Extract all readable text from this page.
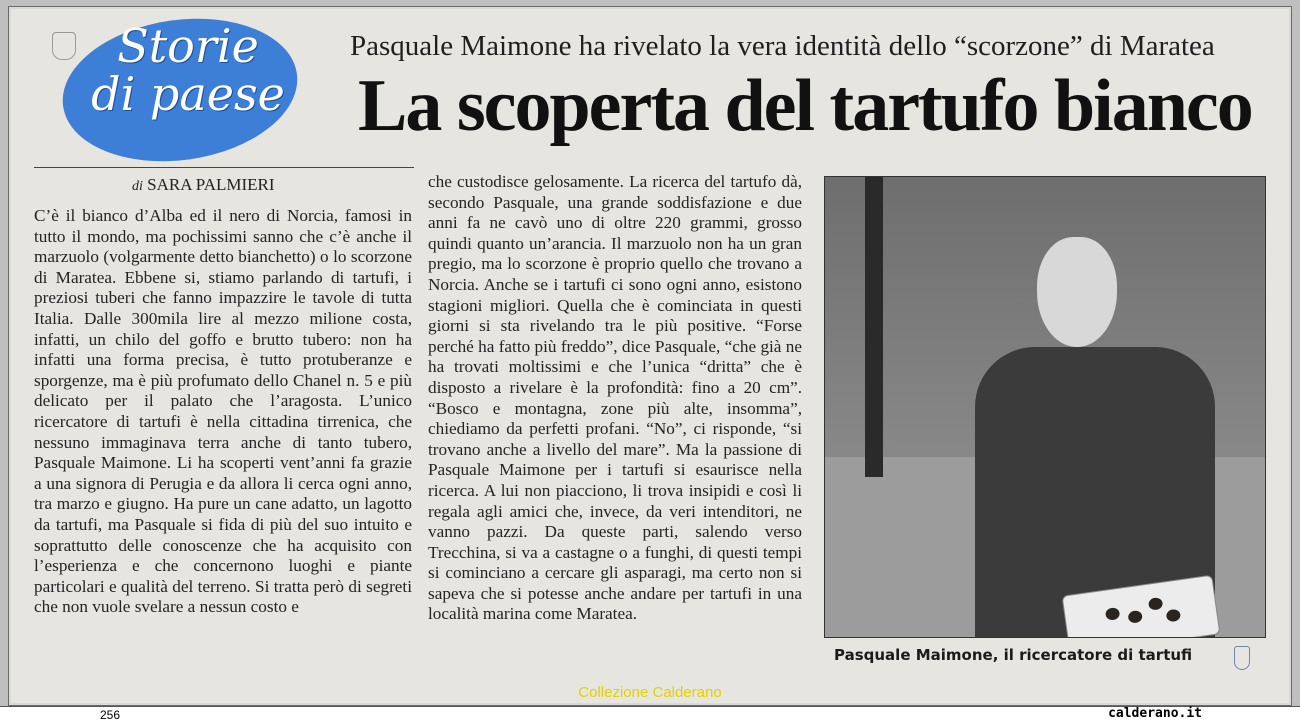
Storie
di paese
Pasquale Maimone ha rivelato la vera identità dello “scorzone” di Maratea
La scoperta del tartufo bianco
di SARA PALMIERI

C’è il bianco d’Alba ed il nero di Norcia, famosi in tutto il mondo, ma pochissimi sanno che c’è anche il marzuolo (volgarmente detto bianchetto) o lo scorzone di Maratea. Ebbene si, stiamo parlando di tartufi, i preziosi tuberi che fanno impazzire le tavole di tutta Italia. Dalle 300mila lire al mezzo milione costa, infatti, un chilo del goffo e brutto tubero: non ha infatti una forma precisa, è tutto protuberanze e sporgenze, ma è più profumato dello Chanel n. 5 e più delicato per il palato che l’aragosta. L’unico ricercatore di tartufi è nella cittadina tirrenica, che nessuno immaginava terra anche di tanto tubero, Pasquale Maimone. Li ha scoperti vent’anni fa grazie a una signora di Perugia e da allora li cerca ogni anno, tra marzo e giugno. Ha pure un cane adatto, un lagotto da tartufi, ma Pasquale si fida di più del suo intuito e soprattutto delle conoscenze che ha acquisito con l’esperienza e che concernono luoghi e piante particolari e qualità del terreno. Si tratta però di segreti che non vuole svelare a nessun costo e

che custodisce gelosamente. La ricerca del tartufo dà, secondo Pasquale, una grande soddisfazione e due anni fa ne cavò uno di oltre 220 grammi, grosso quindi quanto un’arancia. Il marzuolo non ha un gran pregio, ma lo scorzone è proprio quello che trovano a Norcia. Anche se i tartufi ci sono ogni anno, esistono stagioni migliori. Quella che è cominciata in questi giorni si sta rivelando tra le più positive. “Forse perché ha fatto più freddo”, dice Pasquale, “che già ne ha trovati moltissimi e che l’unica “dritta” che è disposto a rivelare è la profondità: fino a 20 cm”. “Bosco e montagna, zone più alte, insomma”, chiediamo da perfetti profani. “No”, ci risponde, “si trovano anche a livello del mare”. Ma la passione di Pasquale Maimone per i tartufi si esaurisce nella ricerca. A lui non piacciono, li trova insipidi e così li regala agli amici che, invece, da veri intenditori, ne vanno pazzi. Da queste parti, salendo verso Trecchina, si va a castagne o a funghi, di questi tempi si cominciano a cercare gli asparagi, ma certo non si sapeva che si potesse anche andare per tartufi in una località marina come Maratea.

Pasquale Maimone, il ricercatore di tartufi
Collezione Calderano
256	calderano.it
